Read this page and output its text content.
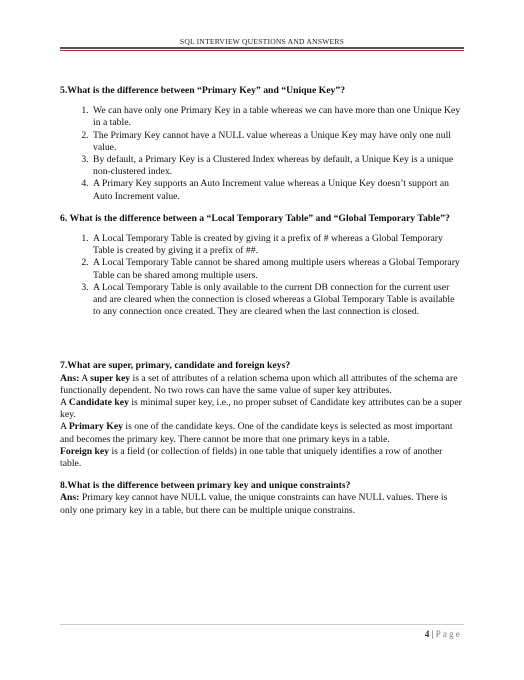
SQL INTERVIEW QUESTIONS AND ANSWERS

5.What is the difference between “Primary Key” and “Unique Key”?

1. We can have only one Primary Key in a table whereas we can have more than one Unique Key in a table.
2. The Primary Key cannot have a NULL value whereas a Unique Key may have only one null value.
3. By default, a Primary Key is a Clustered Index whereas by default, a Unique Key is a unique non-clustered index.
4. A Primary Key supports an Auto Increment value whereas a Unique Key doesn’t support an Auto Increment value.

6. What is the difference between a “Local Temporary Table” and “Global Temporary Table”?

1. A Local Temporary Table is created by giving it a prefix of # whereas a Global Temporary Table is created by giving it a prefix of ##.
2. A Local Temporary Table cannot be shared among multiple users whereas a Global Temporary Table can be shared among multiple users.
3. A Local Temporary Table is only available to the current DB connection for the current user and are cleared when the connection is closed whereas a Global Temporary Table is available to any connection once created. They are cleared when the last connection is closed.

7.What are super, primary, candidate and foreign keys?

Ans: A super key is a set of attributes of a relation schema upon which all attributes of the schema are functionally dependent. No two rows can have the same value of super key attributes.

A Candidate key is minimal super key, i.e., no proper subset of Candidate key attributes can be a super key.

A Primary Key is one of the candidate keys. One of the candidate keys is selected as most important and becomes the primary key. There cannot be more that one primary keys in a table.

Foreign key is a field (or collection of fields) in one table that uniquely identifies a row of another table.

8.What is the difference between primary key and unique constraints?

Ans: Primary key cannot have NULL value, the unique constraints can have NULL values. There is only one primary key in a table, but there can be multiple unique constrains.

4 | Page
